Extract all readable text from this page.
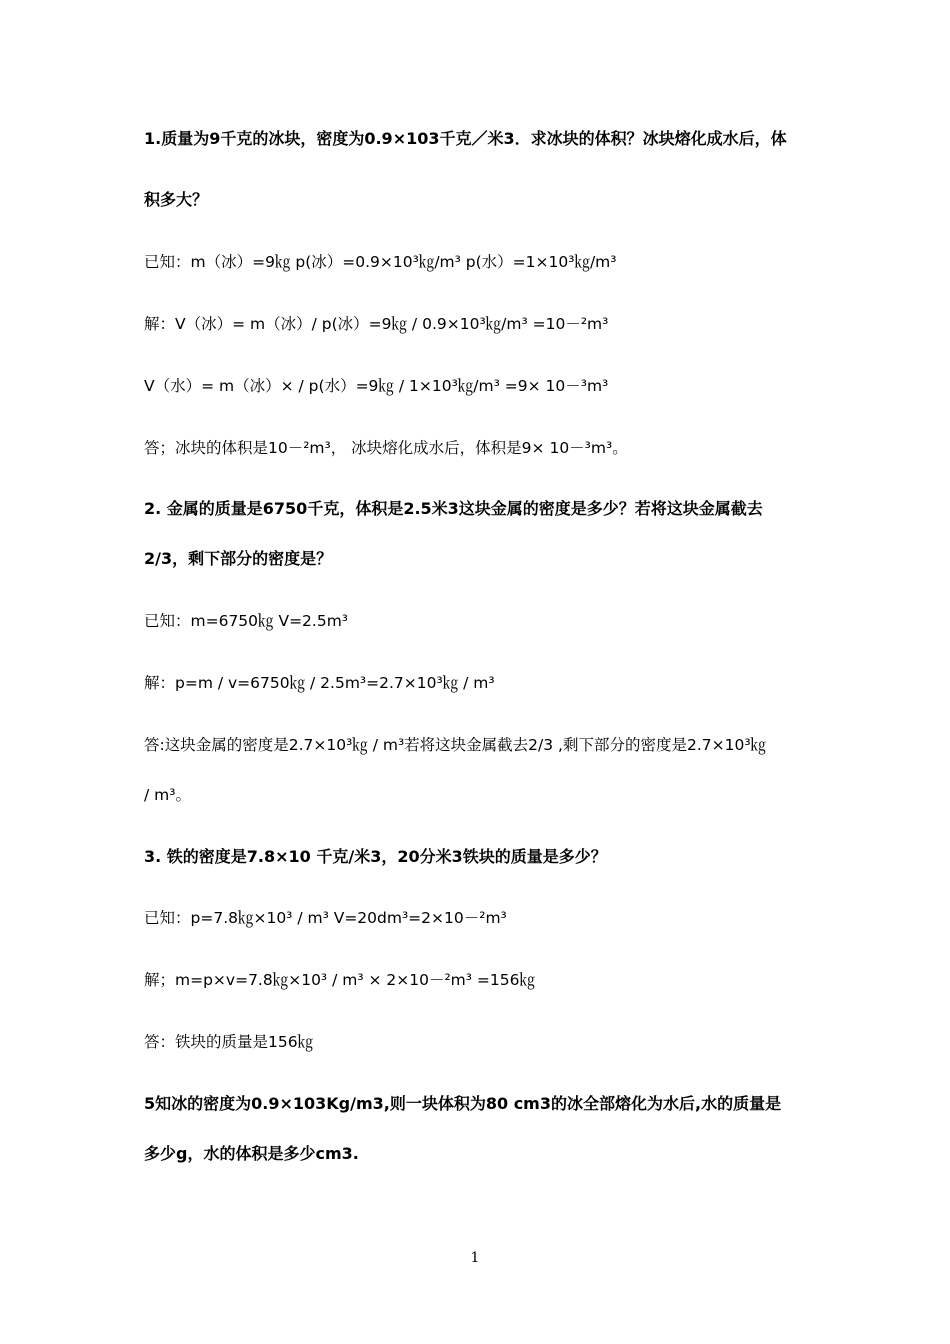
1.质量为9千克的冰块，密度为0.9×103千克／米3．求冰块的体积？冰块熔化成水后，体
积多大？
已知：m（冰）=9㎏ p(冰）=0.9×10³㎏/m³ p(水）=1×10³㎏/m³
解：V（冰）= m（冰）/ p(冰）=9㎏ / 0.9×10³㎏/m³ =10－²m³
V（水）= m（冰）× / p(水）=9㎏ / 1×10³㎏/m³ =9× 10－³m³
答；冰块的体积是10－²m³， 冰块熔化成水后，体积是9× 10－³m³。
2. 金属的质量是6750千克，体积是2.5米3这块金属的密度是多少？若将这块金属截去
2/3，剩下部分的密度是？
已知：m=6750㎏ V=2.5m³
解：p=m / v=6750㎏ / 2.5m³=2.7×10³㎏ / m³
答:这块金属的密度是2.7×10³㎏ / m³若将这块金属截去2/3 ,剩下部分的密度是2.7×10³㎏
/ m³。
3. 铁的密度是7.8×10 千克/米3，20分米3铁块的质量是多少？
已知：p=7.8㎏×10³ / m³ V=20dm³=2×10－²m³
解；m=p×v=7.8㎏×10³ / m³ × 2×10－²m³ =156㎏
答：铁块的质量是156㎏
5知冰的密度为0.9×103Kg/m3,则一块体积为80 cm3的冰全部熔化为水后,水的质量是
多少g，水的体积是多少cm3.
1
